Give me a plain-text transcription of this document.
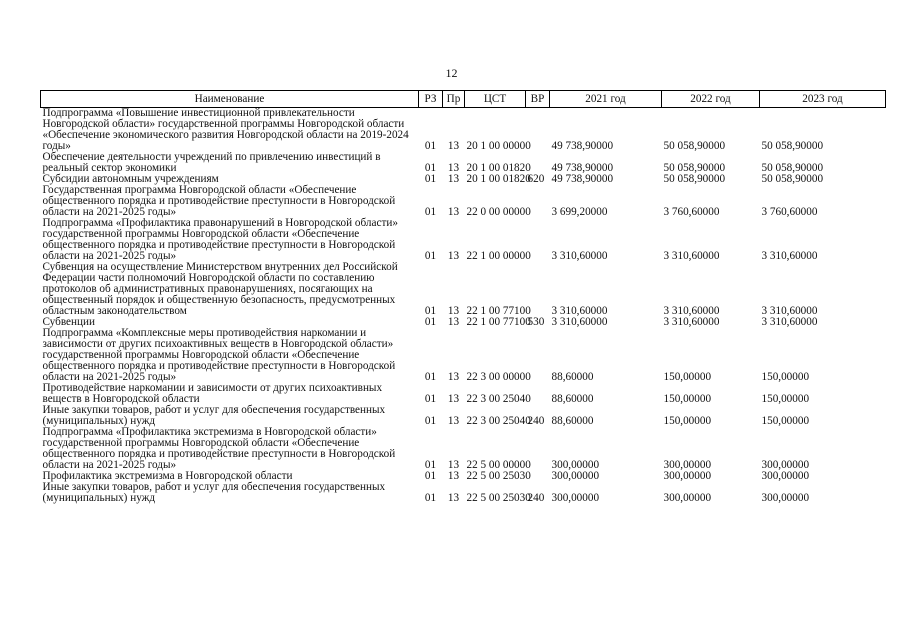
12
Наименование	РЗ	Пр	ЦСТ	ВР	2021 год	2022 год	2023 год
Подпрограмма «Повышение инвестиционной привлекательности Новгородской области» государственной программы Новгородской области «Обеспечение экономического развития Новгородской области на 2019-2024 годы»	01	13	20 1 00 00000		49 738,90000	50 058,90000	50 058,90000
Обеспечение деятельности учреждений по привлечению инвестиций в реальный сектор экономики	01	13	20 1 00 01820		49 738,90000	50 058,90000	50 058,90000
Субсидии автономным учреждениям	01	13	20 1 00 01820	620	49 738,90000	50 058,90000	50 058,90000
Государственная программа Новгородской области «Обеспечение общественного порядка и противодействие преступности в Новгородской области на 2021-2025 годы»	01	13	22 0 00 00000		3 699,20000	3 760,60000	3 760,60000
Подпрограмма «Профилактика правонарушений в Новгородской области» государственной программы Новгородской области «Обеспечение общественного порядка и противодействие преступности в Новгородской области на 2021-2025 годы»	01	13	22 1 00 00000		3 310,60000	3 310,60000	3 310,60000
Субвенция на осуществление Министерством внутренних дел Российской Федерации части полномочий Новгородской области по составлению протоколов об административных правонарушениях, посягающих на общественный порядок и общественную безопасность, предусмотренных областным законодательством	01	13	22 1 00 77100		3 310,60000	3 310,60000	3 310,60000
Субвенции	01	13	22 1 00 77100	530	3 310,60000	3 310,60000	3 310,60000
Подпрограмма «Комплексные меры противодействия наркомании и зависимости от других психоактивных веществ в Новгородской области» государственной программы Новгородской области «Обеспечение общественного порядка и противодействие преступности в Новгородской области на 2021-2025 годы»	01	13	22 3 00 00000		88,60000	150,00000	150,00000
Противодействие наркомании и зависимости от других психоактивных веществ в Новгородской области	01	13	22 3 00 25040		88,60000	150,00000	150,00000
Иные закупки товаров, работ и услуг для обеспечения государственных (муниципальных) нужд	01	13	22 3 00 25040	240	88,60000	150,00000	150,00000
Подпрограмма «Профилактика экстремизма в Новгородской области» государственной программы Новгородской области «Обеспечение общественного порядка и противодействие преступности в Новгородской области на 2021-2025 годы»	01	13	22 5 00 00000		300,00000	300,00000	300,00000
Профилактика экстремизма в Новгородской области	01	13	22 5 00 25030		300,00000	300,00000	300,00000
Иные закупки товаров, работ и услуг для обеспечения государственных (муниципальных) нужд	01	13	22 5 00 25030	240	300,00000	300,00000	300,00000
